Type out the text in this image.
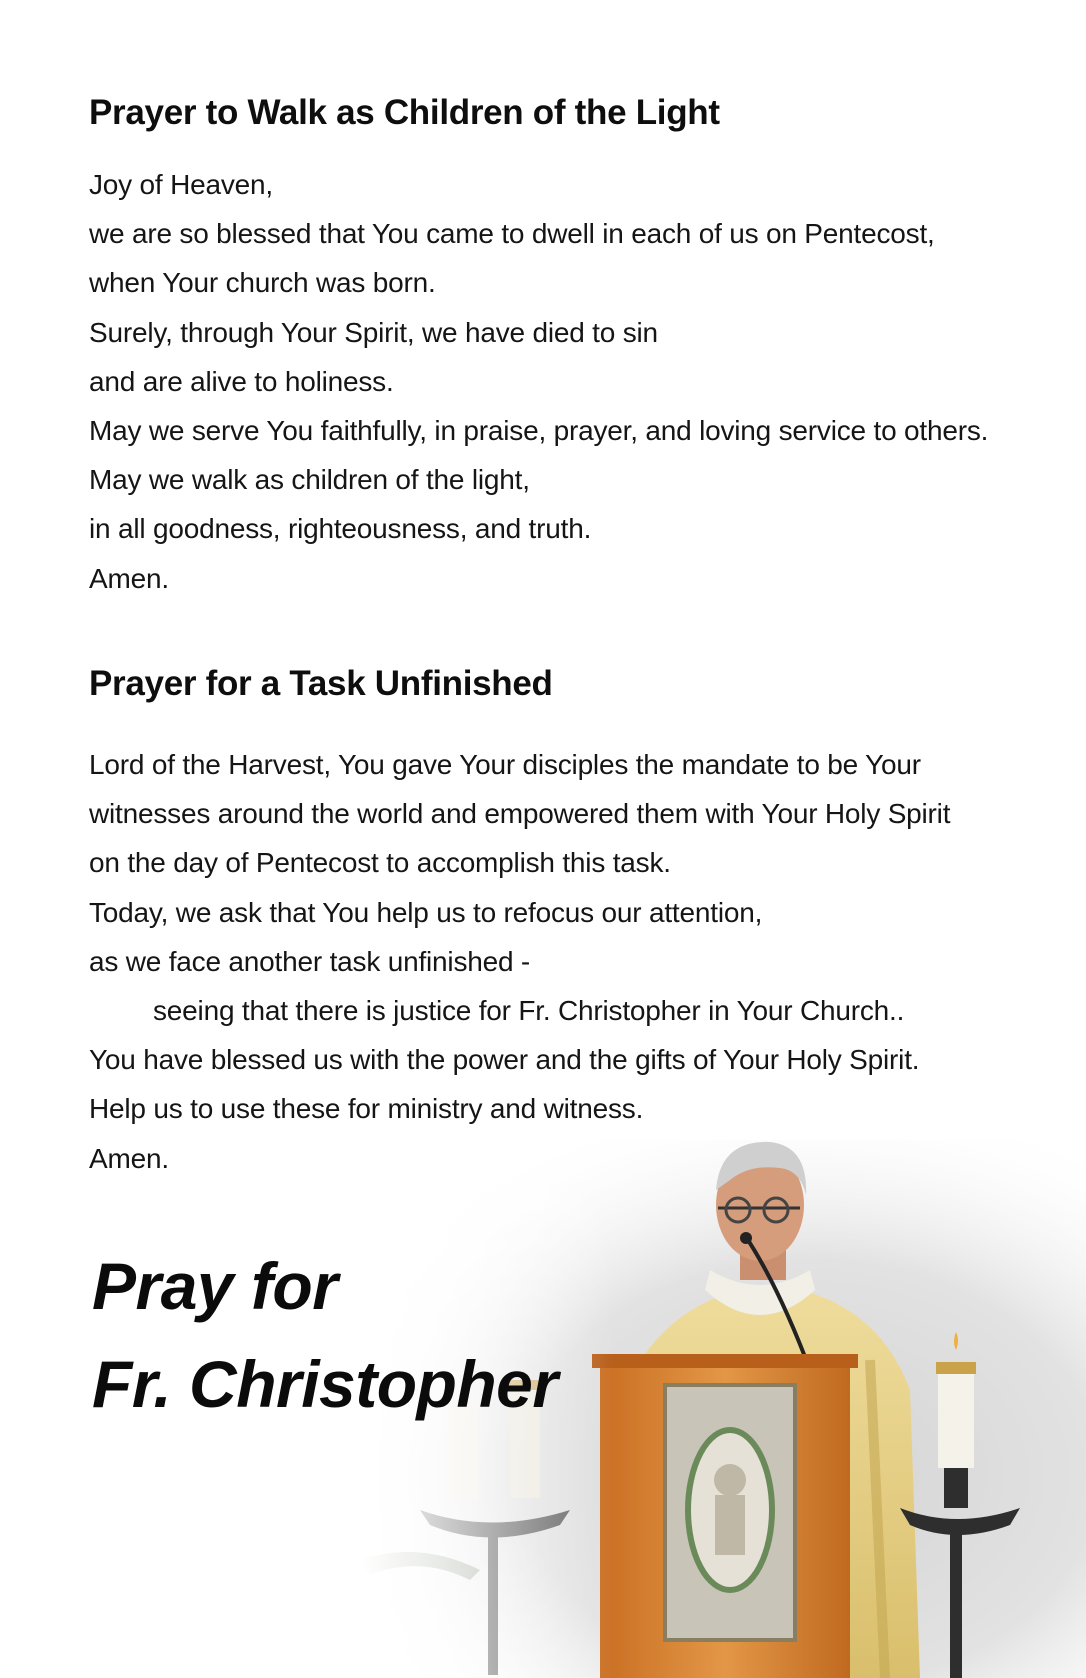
Prayer to Walk as Children of the Light
Joy of Heaven,
we are so blessed that You came to dwell in each of us on Pentecost,
when Your church was born.
Surely, through Your Spirit, we have died to sin
and are alive to holiness.
May we serve You faithfully, in praise, prayer, and loving service to others.
May we walk as children of the light,
in all goodness, righteousness, and truth.
Amen.
Prayer for a Task Unfinished
Lord of the Harvest, You gave Your disciples the mandate to be Your
witnesses around the world and empowered them with Your Holy Spirit
on the day of Pentecost to accomplish this task.
Today, we ask that You help us to refocus our attention,
as we face another task unfinished -
seeing that there is justice for Fr. Christopher in Your Church..
You have blessed us with the power and the gifts of Your Holy Spirit.
Help us to use these for ministry and witness.
Amen.
Pray for
Fr. Christopher
